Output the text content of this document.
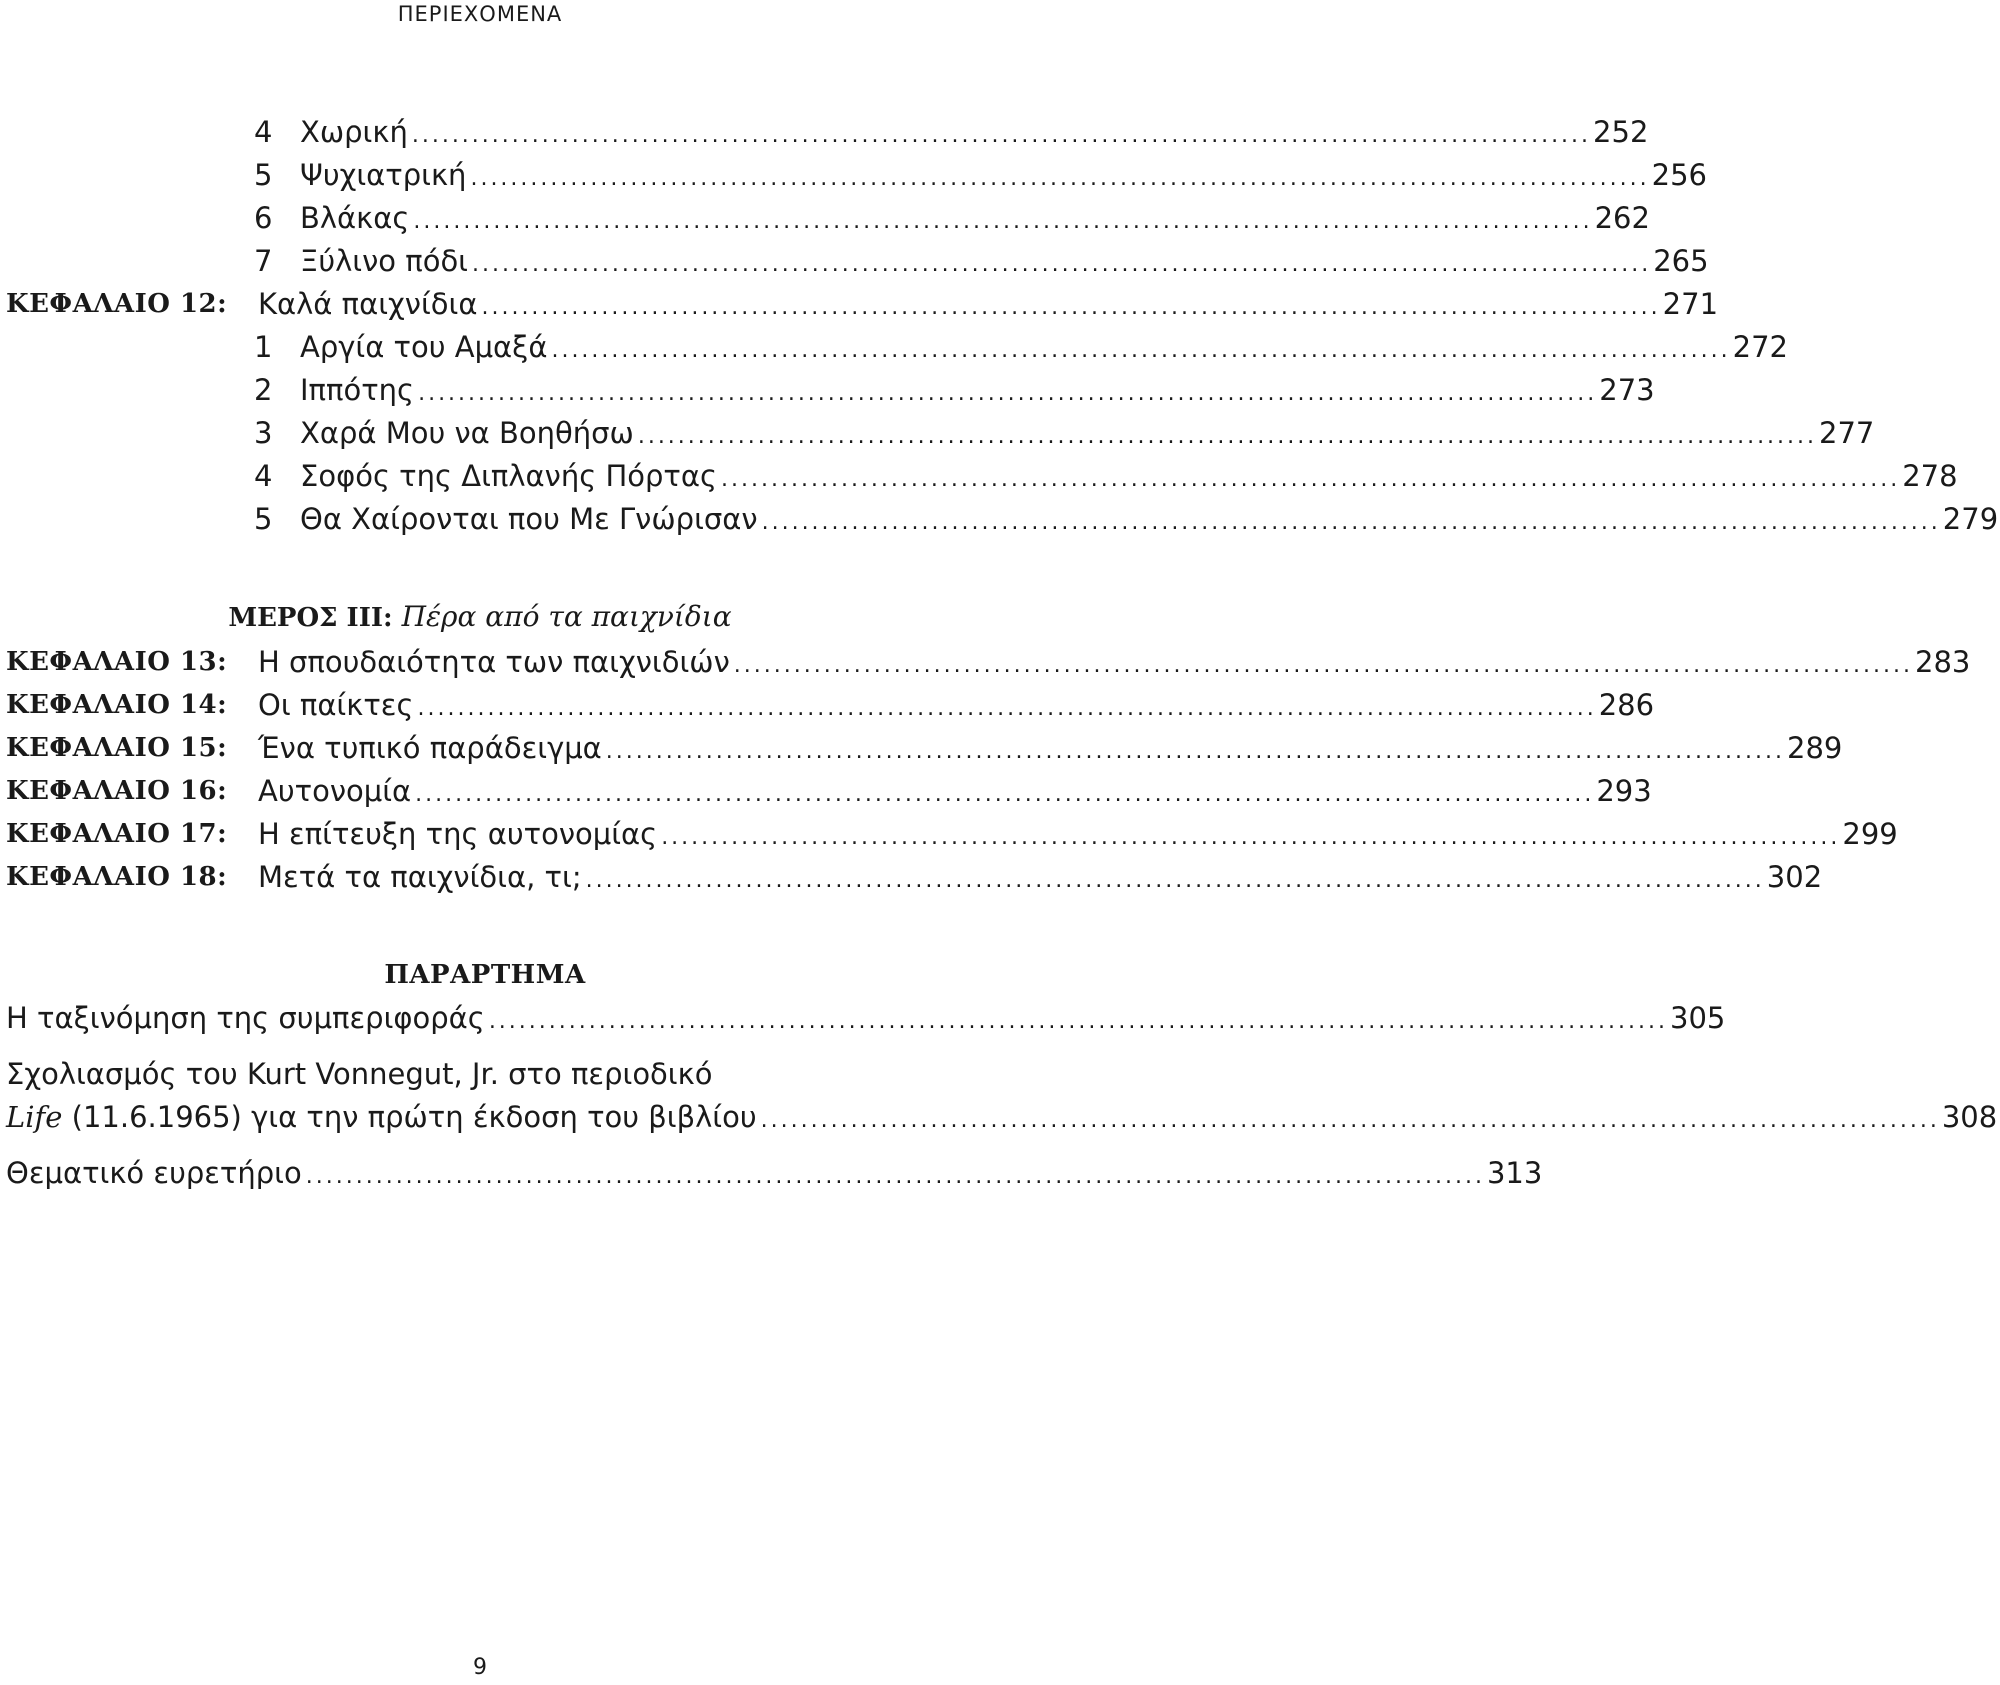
ΠΕΡΙΕΧΟΜΕΝΑ
4 Χωρική ...................................................................................................................... 252
5 Ψυχιατρική ...................................................................................................................... 256
6 Βλάκας ...................................................................................................................... 262
7 Ξύλινο πόδι ...................................................................................................................... 265
ΚΕΦΑΛΑΙΟ 12: Καλά παιχνίδια ...................................................................................................................... 271
1 Αργία του Αμαξά ...................................................................................................................... 272
2 Ιππότης ...................................................................................................................... 273
3 Χαρά Μου να Βοηθήσω ...................................................................................................................... 277
4 Σοφός της Διπλανής Πόρτας ...................................................................................................................... 278
5 Θα Χαίρονται που Με Γνώρισαν ...................................................................................................................... 279
ΜΕΡΟΣ III: Πέρα από τα παιχνίδια
ΚΕΦΑΛΑΙΟ 13: Η σπουδαιότητα των παιχνιδιών ...................................................................................................................... 283
ΚΕΦΑΛΑΙΟ 14: Οι παίκτες ...................................................................................................................... 286
ΚΕΦΑΛΑΙΟ 15: Ένα τυπικό παράδειγμα ...................................................................................................................... 289
ΚΕΦΑΛΑΙΟ 16: Αυτονομία ...................................................................................................................... 293
ΚΕΦΑΛΑΙΟ 17: Η επίτευξη της αυτονομίας ...................................................................................................................... 299
ΚΕΦΑΛΑΙΟ 18: Μετά τα παιχνίδια, τι; ...................................................................................................................... 302
ΠΑΡΑΡΤΗΜΑ
Η ταξινόμηση της συμπεριφοράς ...................................................................................................................... 305
Σχολιασμός του Kurt Vonnegut, Jr. στο περιοδικό
Life (11.6.1965) για την πρώτη έκδοση του βιβλίου ...................................................................................................................... 308
Θεματικό ευρετήριο ...................................................................................................................... 313
9
